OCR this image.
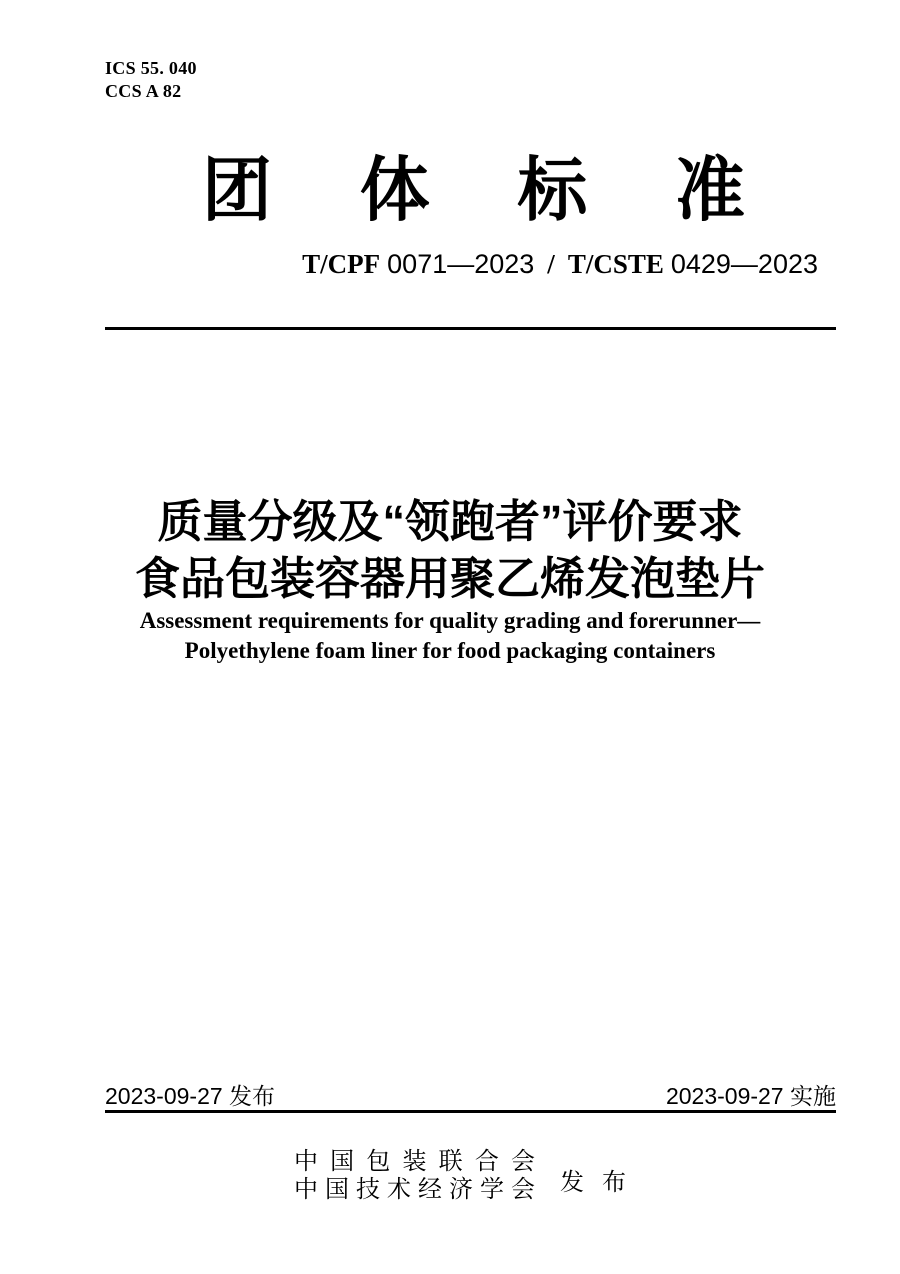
ICS 55. 040
CCS A 82
团体标准
T/CPF 0071—2023 / T/CSTE 0429—2023
质量分级及“领跑者”评价要求
食品包装容器用聚乙烯发泡垫片
Assessment requirements for quality grading and forerunner—
Polyethylene foam liner for food packaging containers
2023-09-27 发布	2023-09-27 实施
中国包装联合会
中国技术经济学会 发布
